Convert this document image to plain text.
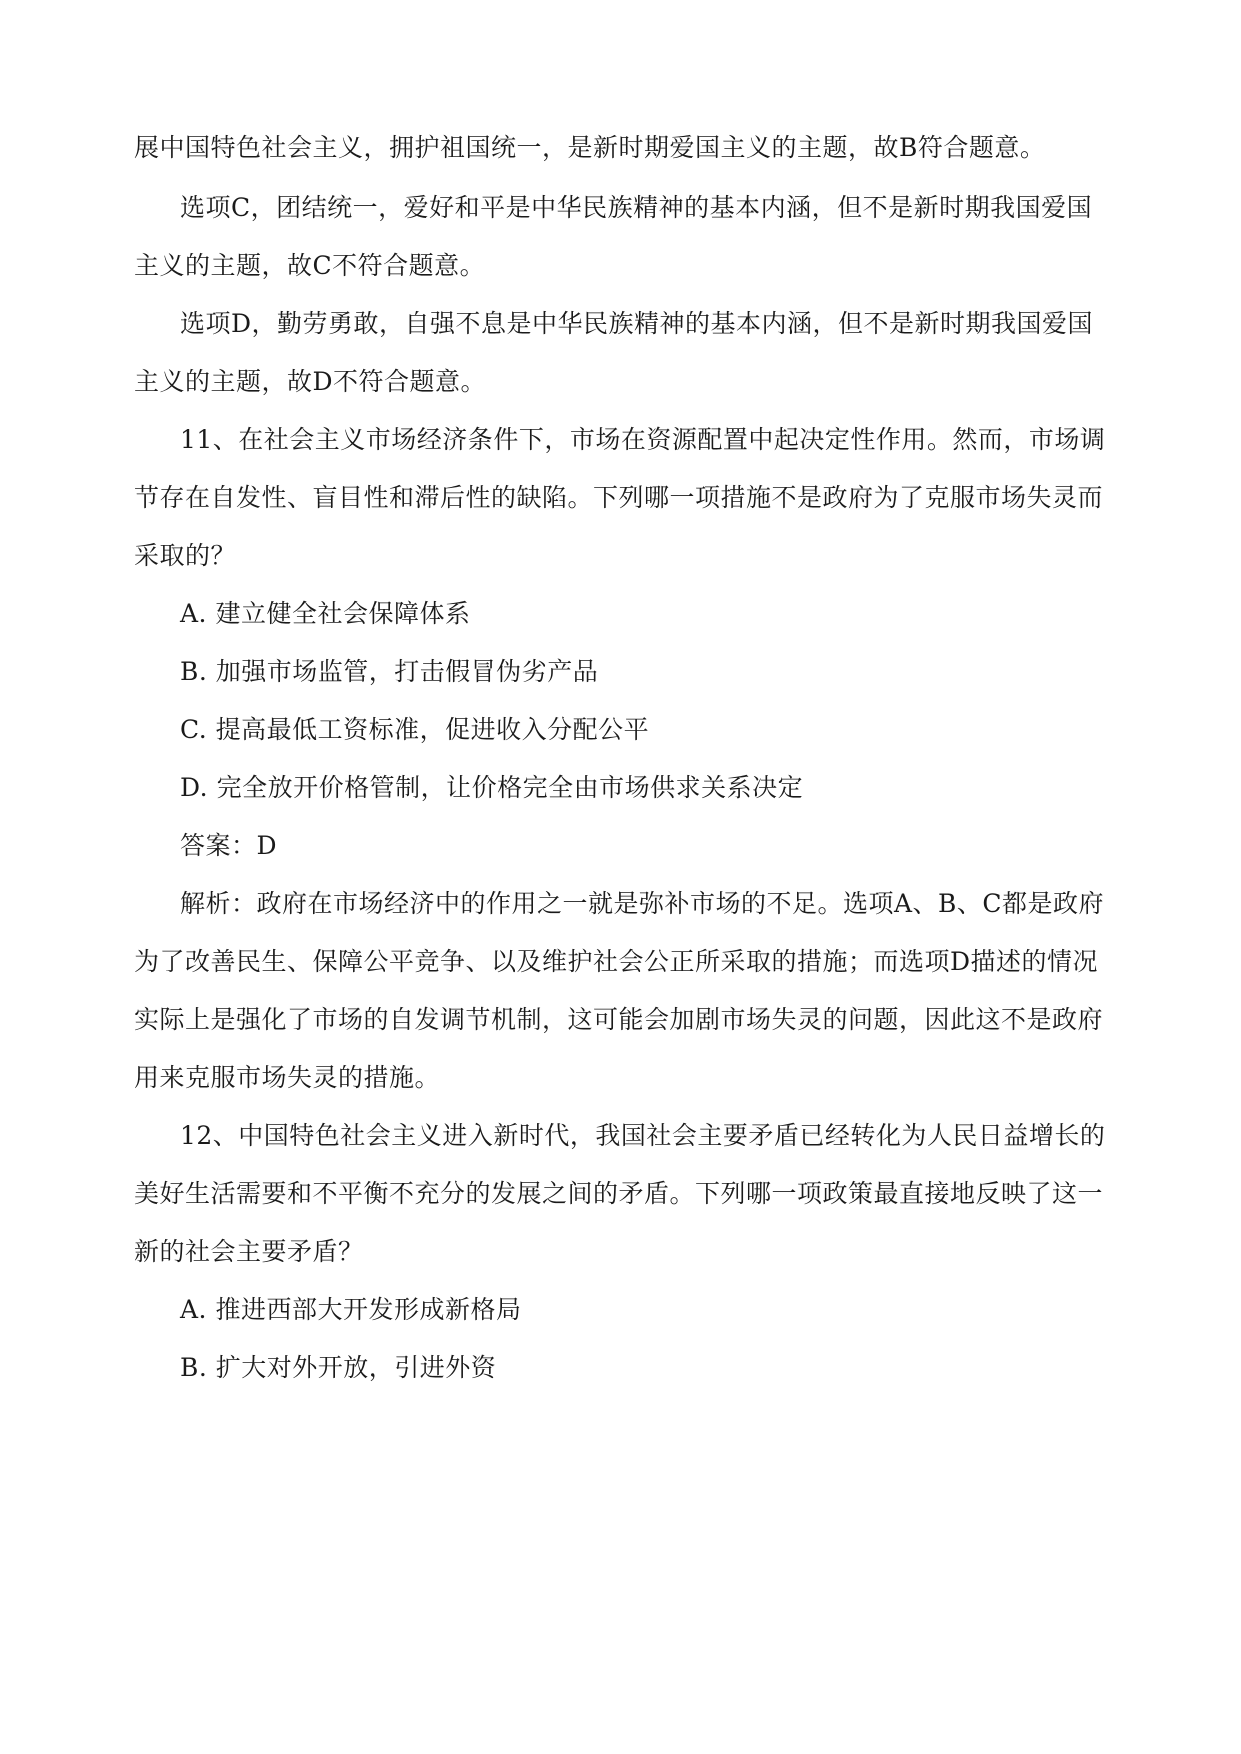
展中国特色社会主义，拥护祖国统一，是新时期爱国主义的主题，故B符合题意。

选项C，团结统一，爱好和平是中华民族精神的基本内涵，但不是新时期我国爱国

主义的主题，故C不符合题意。

选项D，勤劳勇敢，自强不息是中华民族精神的基本内涵，但不是新时期我国爱国

主义的主题，故D不符合题意。

11、在社会主义市场经济条件下，市场在资源配置中起决定性作用。然而，市场调

节存在自发性、盲目性和滞后性的缺陷。下列哪一项措施不是政府为了克服市场失灵而

采取的？

A. 建立健全社会保障体系

B. 加强市场监管，打击假冒伪劣产品

C. 提高最低工资标准，促进收入分配公平

D. 完全放开价格管制，让价格完全由市场供求关系决定

答案：D

解析：政府在市场经济中的作用之一就是弥补市场的不足。选项A、B、C都是政府

为了改善民生、保障公平竞争、以及维护社会公正所采取的措施；而选项D描述的情况

实际上是强化了市场的自发调节机制，这可能会加剧市场失灵的问题，因此这不是政府

用来克服市场失灵的措施。

12、中国特色社会主义进入新时代，我国社会主要矛盾已经转化为人民日益增长的

美好生活需要和不平衡不充分的发展之间的矛盾。下列哪一项政策最直接地反映了这一

新的社会主要矛盾？

A. 推进西部大开发形成新格局

B. 扩大对外开放，引进外资
